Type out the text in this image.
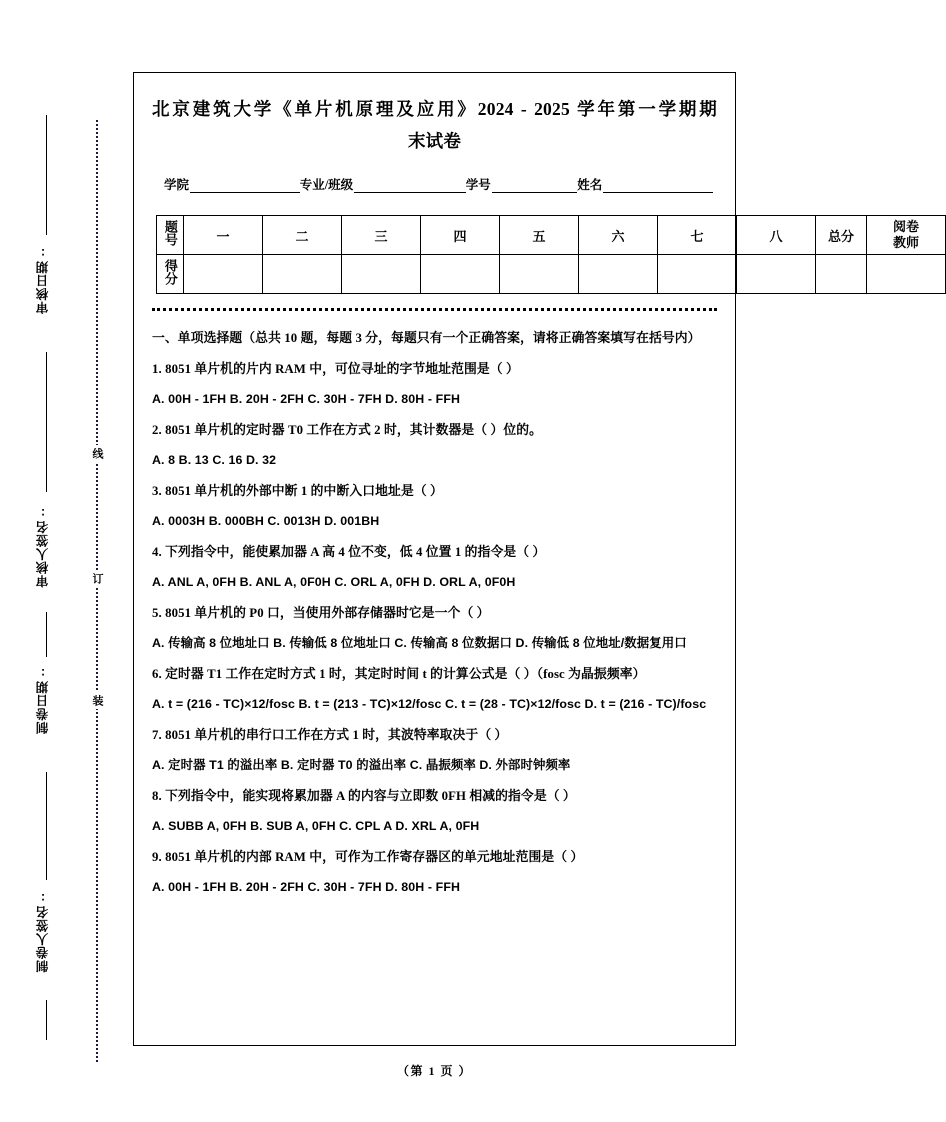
审核日期:
审核人签名:
制卷日期:
制卷人签名:
线
订
装
北京建筑大学《单片机原理及应用》2024 - 2025 学年第一学期期
末试卷
学院	专业/班级	学号	姓名
题号	一	二	三	四	五	六	七	八	总分	阅卷
教师
得分										

一、单项选择题（总共 10 题，每题 3 分，每题只有一个正确答案，请将正确答案填写在括号内）

1. 8051 单片机的片内 RAM 中，可位寻址的字节地址范围是（ ）

A. 00H - 1FH B. 20H - 2FH C. 30H - 7FH D. 80H - FFH

2. 8051 单片机的定时器 T0 工作在方式 2 时，其计数器是（ ）位的。

A. 8 B. 13 C. 16 D. 32

3. 8051 单片机的外部中断 1 的中断入口地址是（ ）

A. 0003H B. 000BH C. 0013H D. 001BH

4. 下列指令中，能使累加器 A 高 4 位不变，低 4 位置 1 的指令是（ ）

A. ANL A, 0FH B. ANL A, 0F0H C. ORL A, 0FH D. ORL A, 0F0H

5. 8051 单片机的 P0 口，当使用外部存储器时它是一个（ ）

A. 传输高 8 位地址口 B. 传输低 8 位地址口 C. 传输高 8 位数据口 D. 传输低 8 位地址/数据复用口

6. 定时器 T1 工作在定时方式 1 时，其定时时间 t 的计算公式是（ ）（fosc 为晶振频率）

A. t = (216 - TC)×12/fosc B. t = (213 - TC)×12/fosc C. t = (28 - TC)×12/fosc D. t = (216 - TC)/fosc

7. 8051 单片机的串行口工作在方式 1 时，其波特率取决于（ ）

A. 定时器 T1 的溢出率 B. 定时器 T0 的溢出率 C. 晶振频率 D. 外部时钟频率

8. 下列指令中，能实现将累加器 A 的内容与立即数 0FH 相减的指令是（ ）

A. SUBB A, 0FH B. SUB A, 0FH C. CPL A D. XRL A, 0FH

9. 8051 单片机的内部 RAM 中，可作为工作寄存器区的单元地址范围是（ ）

A. 00H - 1FH B. 20H - 2FH C. 30H - 7FH D. 80H - FFH

（第 1 页 ）
